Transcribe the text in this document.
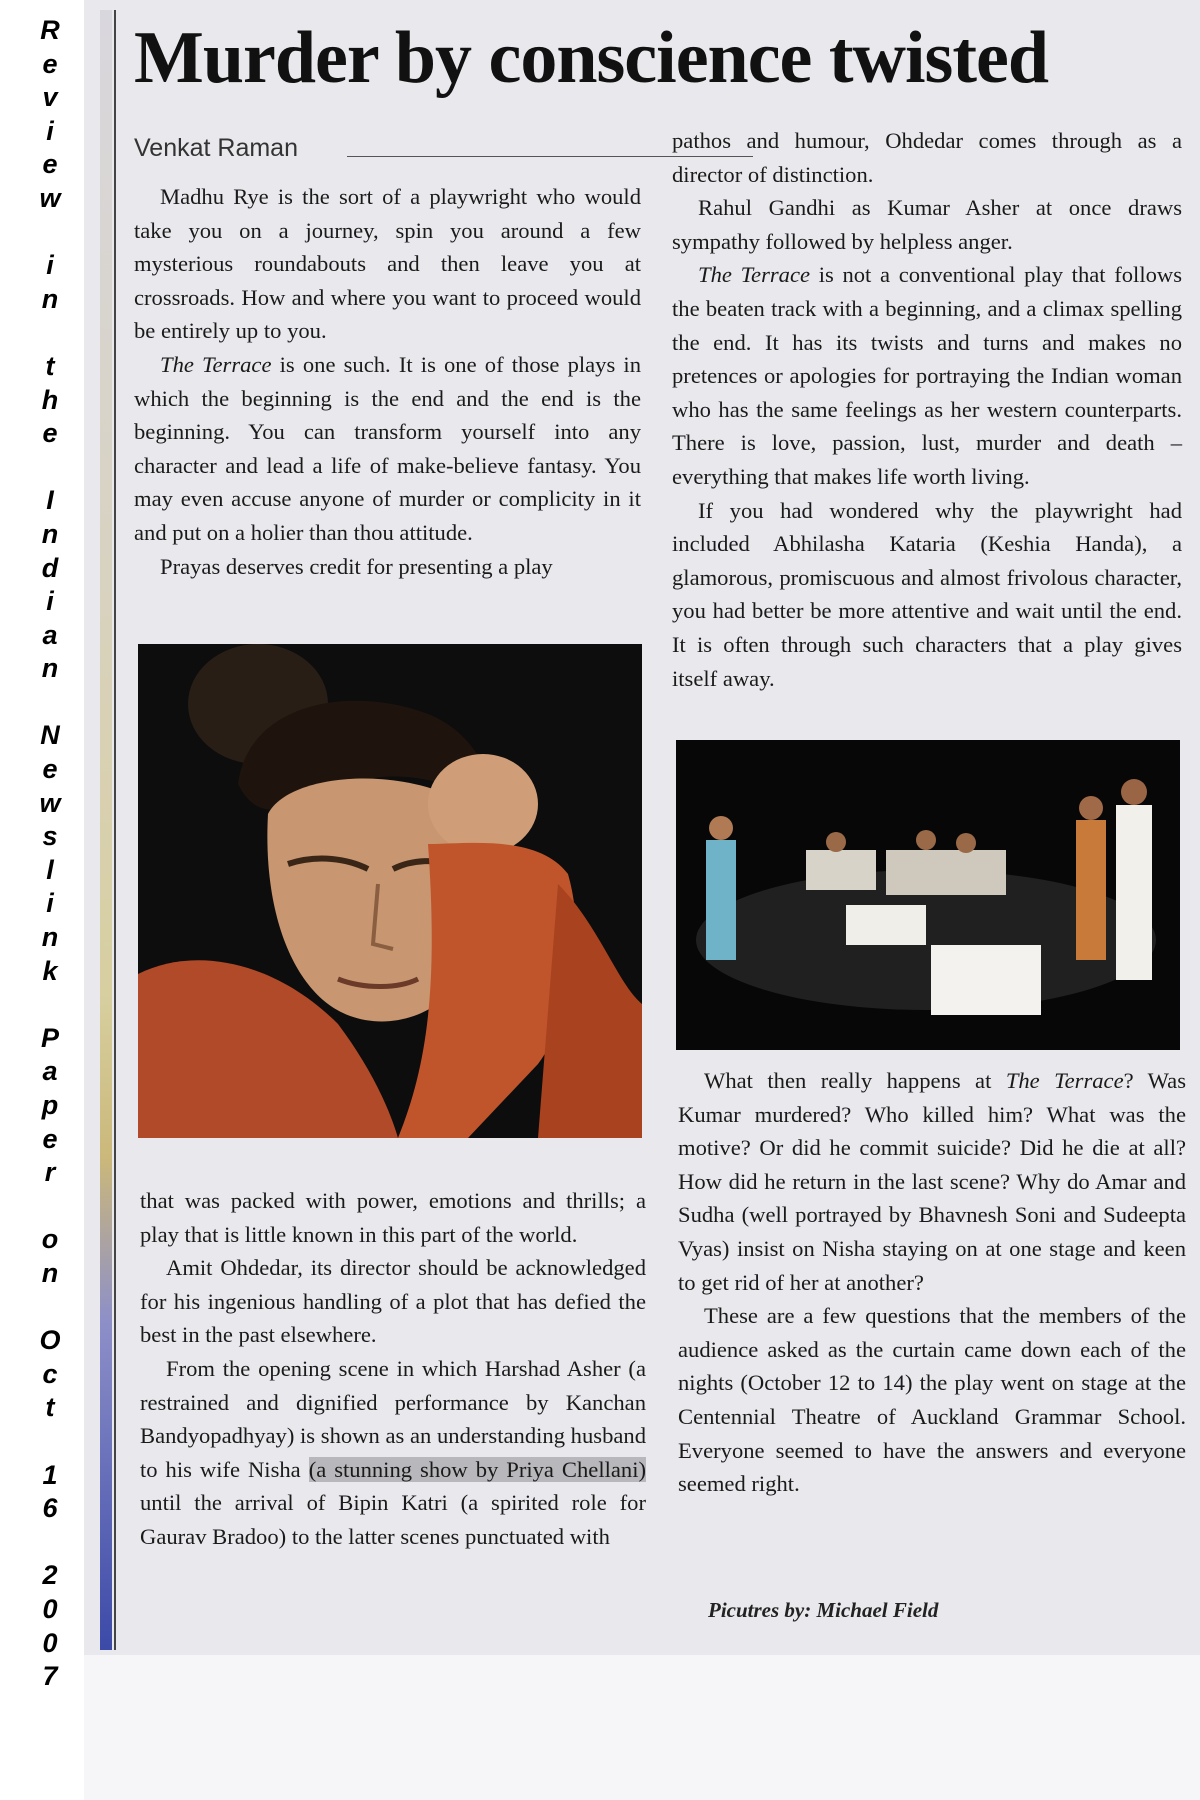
R
e
v
i
e
w

i
n

t
h
e

I
n
d
i
a
n

N
e
w
s
l
i
n
k

P
a
p
e
r

o
n

O
c
t

1
6

2
0
0
7
Murder by conscience twisted
Venkat Raman

Madhu Rye is the sort of a playwright who would take you on a journey, spin you around a few mysterious roundabouts and then leave you at crossroads. How and where you want to proceed would be entirely up to you.

The Terrace is one such. It is one of those plays in which the beginning is the end and the end is the beginning. You can transform yourself into any character and lead a life of make-believe fantasy. You may even accuse anyone of murder or complicity in it and put on a holier than thou attitude.

Prayas deserves credit for presenting a play

that was packed with power, emotions and thrills; a play that is little known in this part of the world.

Amit Ohdedar, its director should be acknowledged for his ingenious handling of a plot that has defied the best in the past elsewhere.

From the opening scene in which Harshad Asher (a restrained and dignified performance by Kanchan Bandyopadhyay) is shown as an understanding husband to his wife Nisha (a stunning show by Priya Chellani) until the arrival of Bipin Katri (a spirited role for Gaurav Bradoo) to the latter scenes punctuated with

pathos and humour, Ohdedar comes through as a director of distinction.

Rahul Gandhi as Kumar Asher at once draws sympathy followed by helpless anger.

The Terrace is not a conventional play that follows the beaten track with a beginning, and a climax spelling the end. It has its twists and turns and makes no pretences or apologies for portraying the Indian woman who has the same feelings as her western counterparts. There is love, passion, lust, murder and death – everything that makes life worth living.

If you had wondered why the playwright had included Abhilasha Kataria (Keshia Handa), a glamorous, promiscuous and almost frivolous character, you had better be more attentive and wait until the end. It is often through such characters that a play gives itself away.

What then really happens at The Terrace? Was Kumar murdered? Who killed him? What was the motive? Or did he commit suicide? Did he die at all? How did he return in the last scene? Why do Amar and Sudha (well portrayed by Bhavnesh Soni and Sudeepta Vyas) insist on Nisha staying on at one stage and keen to get rid of her at another?

These are a few questions that the members of the audience asked as the curtain came down each of the nights (October 12 to 14) the play went on stage at the Centennial Theatre of Auckland Grammar School. Everyone seemed to have the answers and everyone seemed right.

Picutres by: Michael Field
